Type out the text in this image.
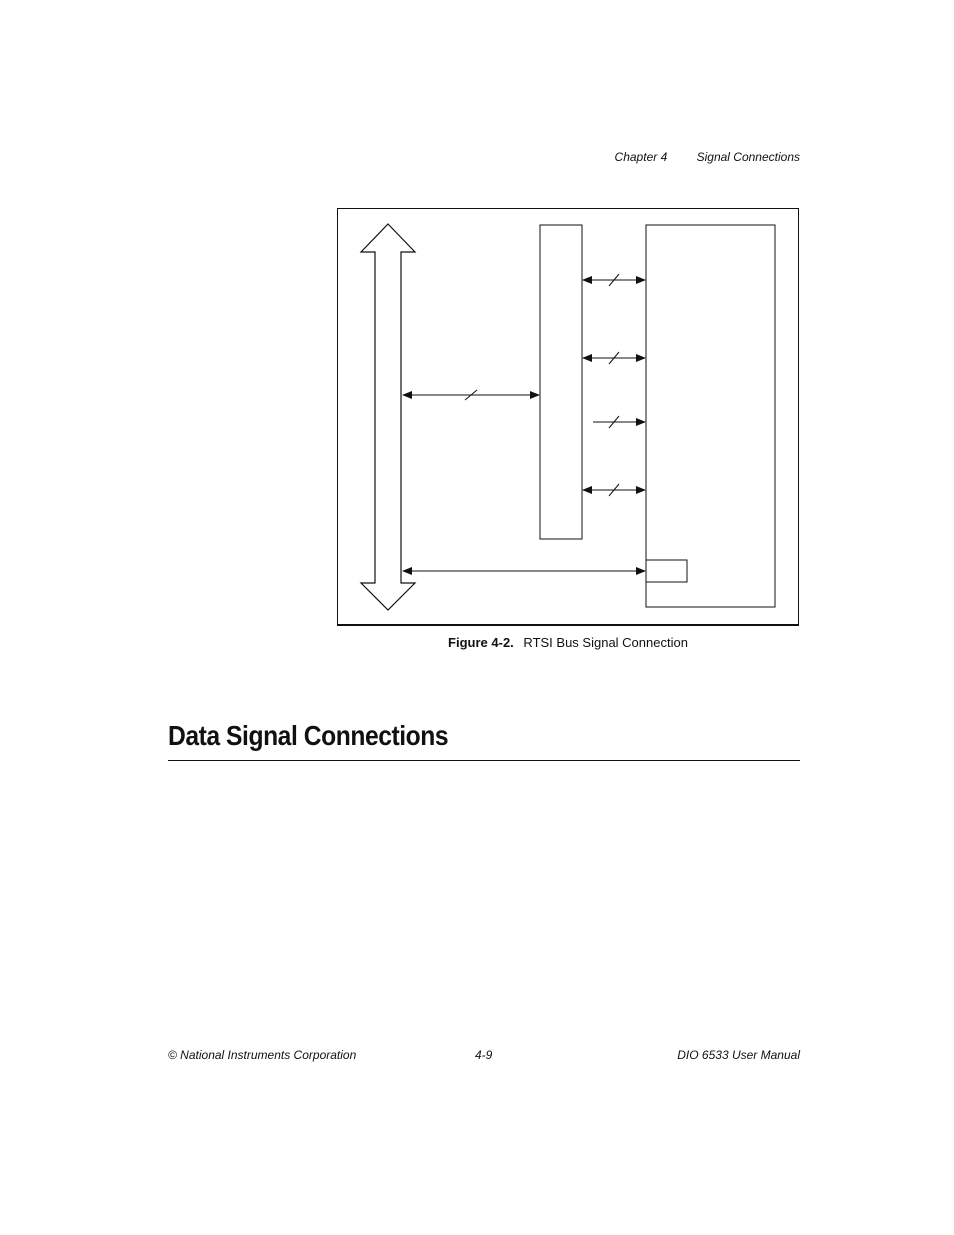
Chapter 4 Signal Connections
Figure 4-2. RTSI Bus Signal Connection
Data Signal Connections
© National Instruments Corporation	4-9	DIO 6533 User Manual
